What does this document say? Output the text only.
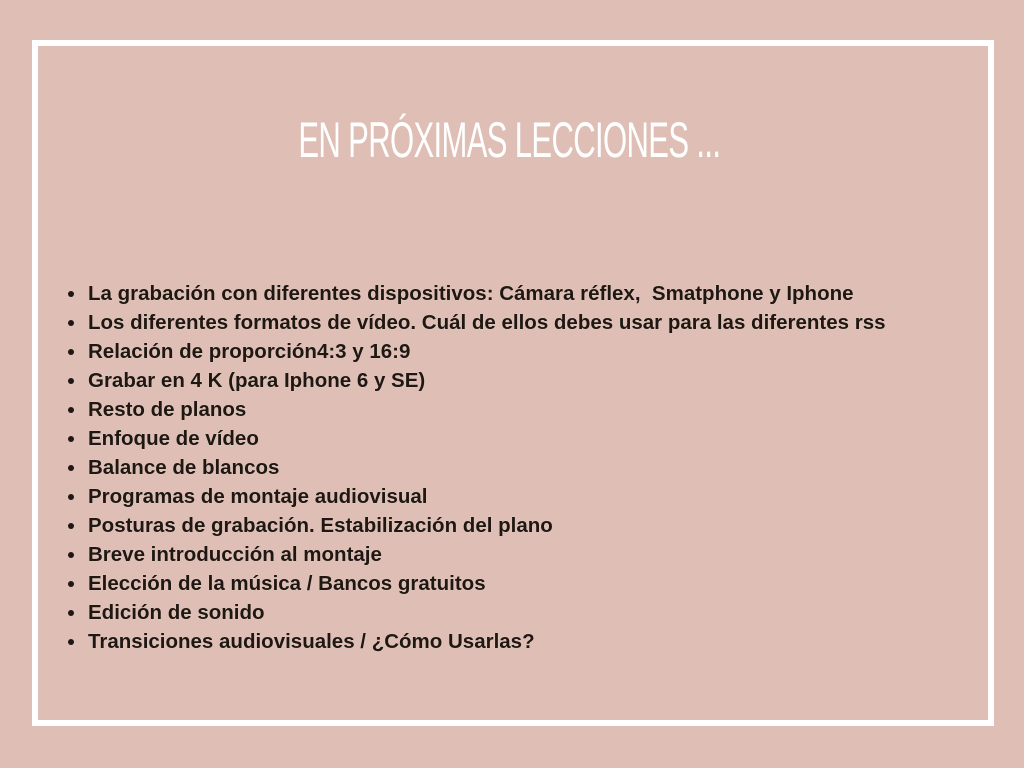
EN PRÓXIMAS LECCIONES ...
La grabación con diferentes dispositivos: Cámara réflex,  Smatphone y Iphone
Los diferentes formatos de vídeo. Cuál de ellos debes usar para las diferentes rss
Relación de proporción4:3 y 16:9
Grabar en 4 K (para Iphone 6 y SE)
Resto de planos
Enfoque de vídeo
Balance de blancos
Programas de montaje audiovisual
Posturas de grabación. Estabilización del plano
Breve introducción al montaje
Elección de la música / Bancos gratuitos
Edición de sonido
Transiciones audiovisuales / ¿Cómo Usarlas?
